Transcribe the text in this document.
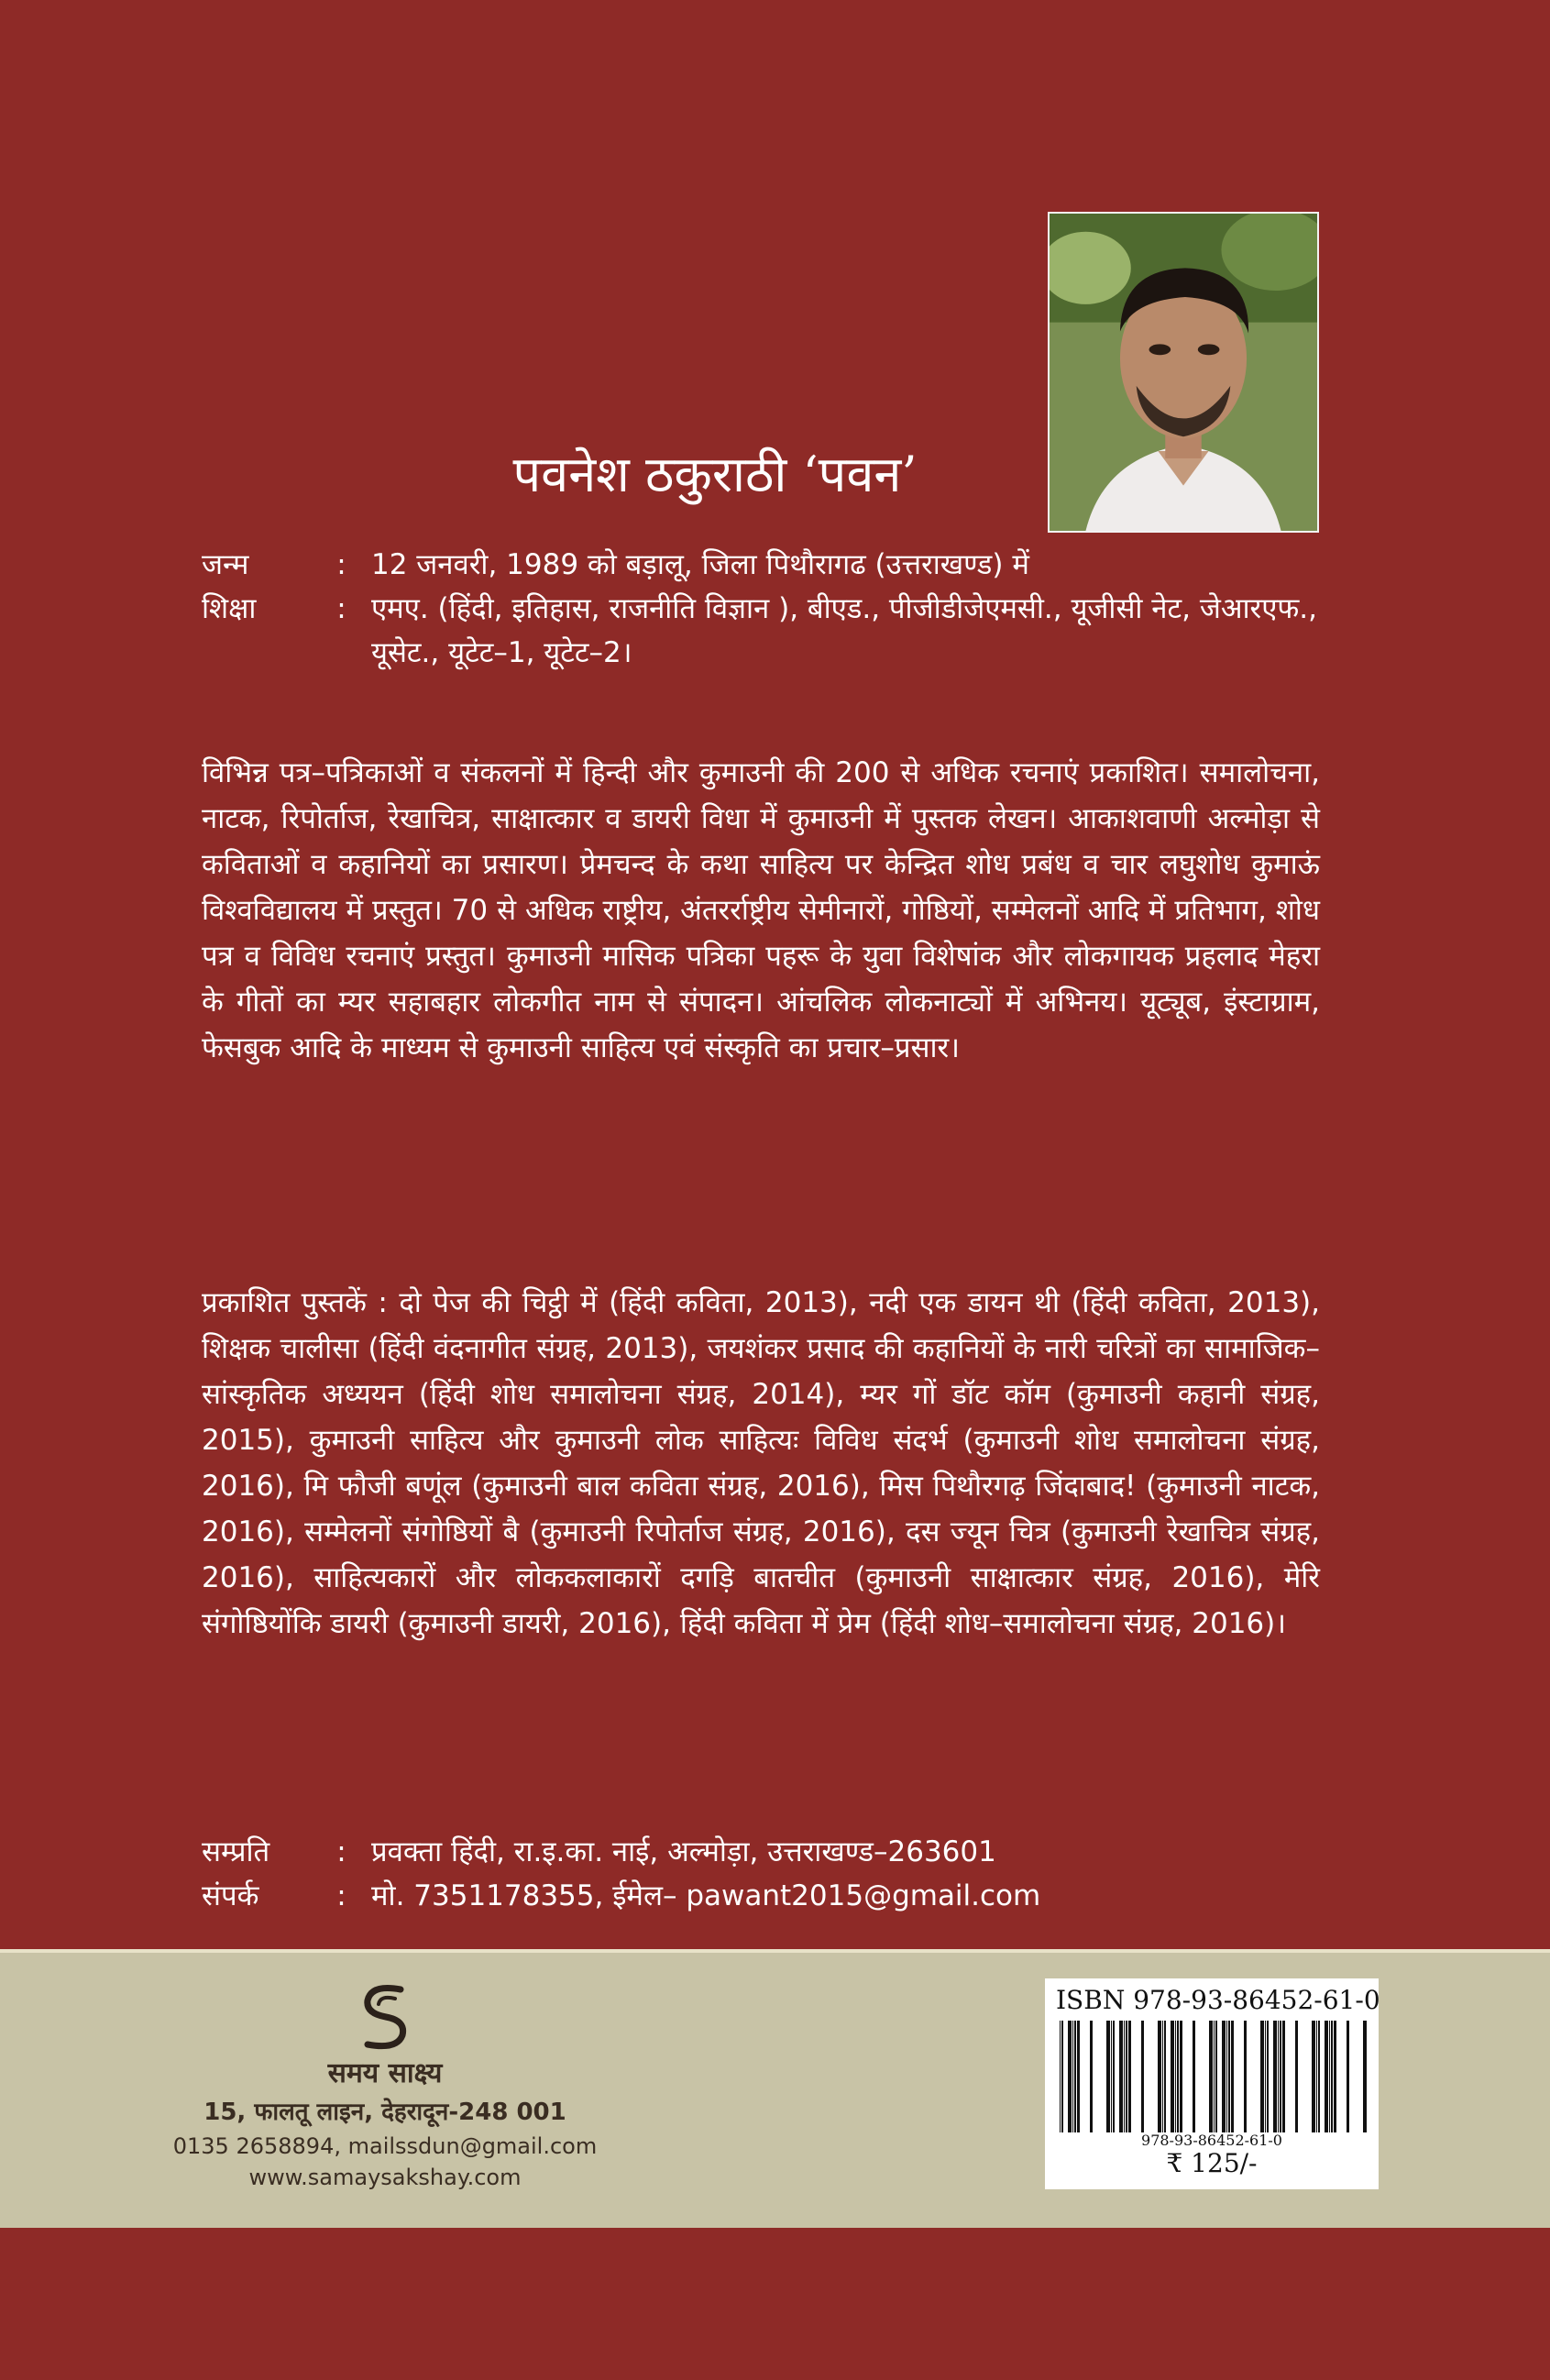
पवनेश ठकुराठी ‘पवन’
जन्म	: 12 जनवरी, 1989 को बड़ालू, जिला पिथौरागढ (उत्तराखण्ड) में
शिक्षा	: एमए. (हिंदी, इतिहास, राजनीति विज्ञान ), बीएड., पीजीडीजेएमसी., यूजीसी नेट, जेआरएफ., यूसेट., यूटेट–1, यूटेट–2।
विभिन्न पत्र–पत्रिकाओं व संकलनों में हिन्दी और कुमाउनी की 200 से अधिक रचनाएं प्रकाशित। समालोचना, नाटक, रिपोर्ताज, रेखाचित्र, साक्षात्कार व डायरी विधा में कुमाउनी में पुस्तक लेखन। आकाशवाणी अल्मोड़ा से कविताओं व कहानियों का प्रसारण। प्रेमचन्द के कथा साहित्य पर केन्द्रित शोध प्रबंध व चार लघुशोध कुमाऊं विश्वविद्यालय में प्रस्तुत। 70 से अधिक राष्ट्रीय, अंतरर्राष्ट्रीय सेमीनारों, गोष्ठियों, सम्मेलनों आदि में प्रतिभाग, शोध पत्र व विविध रचनाएं प्रस्तुत। कुमाउनी मासिक पत्रिका पहरू के युवा विशेषांक और लोकगायक प्रहलाद मेहरा के गीतों का म्यर सहाबहार लोकगीत नाम से संपादन। आंचलिक लोकनाट्यों में अभिनय। यूट्यूब, इंस्टाग्राम, फेसबुक आदि के माध्यम से कुमाउनी साहित्य एवं संस्कृति का प्रचार–प्रसार।
प्रकाशित पुस्तकें : दो पेज की चिट्ठी में (हिंदी कविता, 2013), नदी एक डायन थी (हिंदी कविता, 2013), शिक्षक चालीसा (हिंदी वंदनागीत संग्रह, 2013), जयशंकर प्रसाद की कहानियों के नारी चरित्रों का सामाजिक–सांस्कृतिक अध्ययन (हिंदी शोध समालोचना संग्रह, 2014), म्यर गों डॉट कॉम (कुमाउनी कहानी संग्रह, 2015), कुमाउनी साहित्य और कुमाउनी लोक साहित्यः विविध संदर्भ (कुमाउनी शोध समालोचना संग्रह, 2016), मि फौजी बणूंल (कुमाउनी बाल कविता संग्रह, 2016), मिस पिथौरगढ़ जिंदाबाद! (कुमाउनी नाटक, 2016), सम्मेलनों संगोष्ठियों बै (कुमाउनी रिपोर्ताज संग्रह, 2016), दस ज्यून चित्र (कुमाउनी रेखाचित्र संग्रह, 2016), साहित्यकारों और लोककलाकारों दगड़ि बातचीत (कुमाउनी साक्षात्कार संग्रह, 2016), मेरि संगोष्ठियोंकि डायरी (कुमाउनी डायरी, 2016), हिंदी कविता में प्रेम (हिंदी शोध–समालोचना संग्रह, 2016)।
सम्प्रति	: प्रवक्ता हिंदी, रा.इ.का. नाई, अल्मोड़ा, उत्तराखण्ड–263601
संपर्क	: मो. 7351178355, ईमेल– pawant2015@gmail.com
समय साक्ष्य
15, फालतू लाइन, देहरादून-248 001
0135 2658894, mailssdun@gmail.com
www.samaysakshay.com
ISBN 978-93-86452-61-0
978-93-86452-61-0
₹ 125/-
